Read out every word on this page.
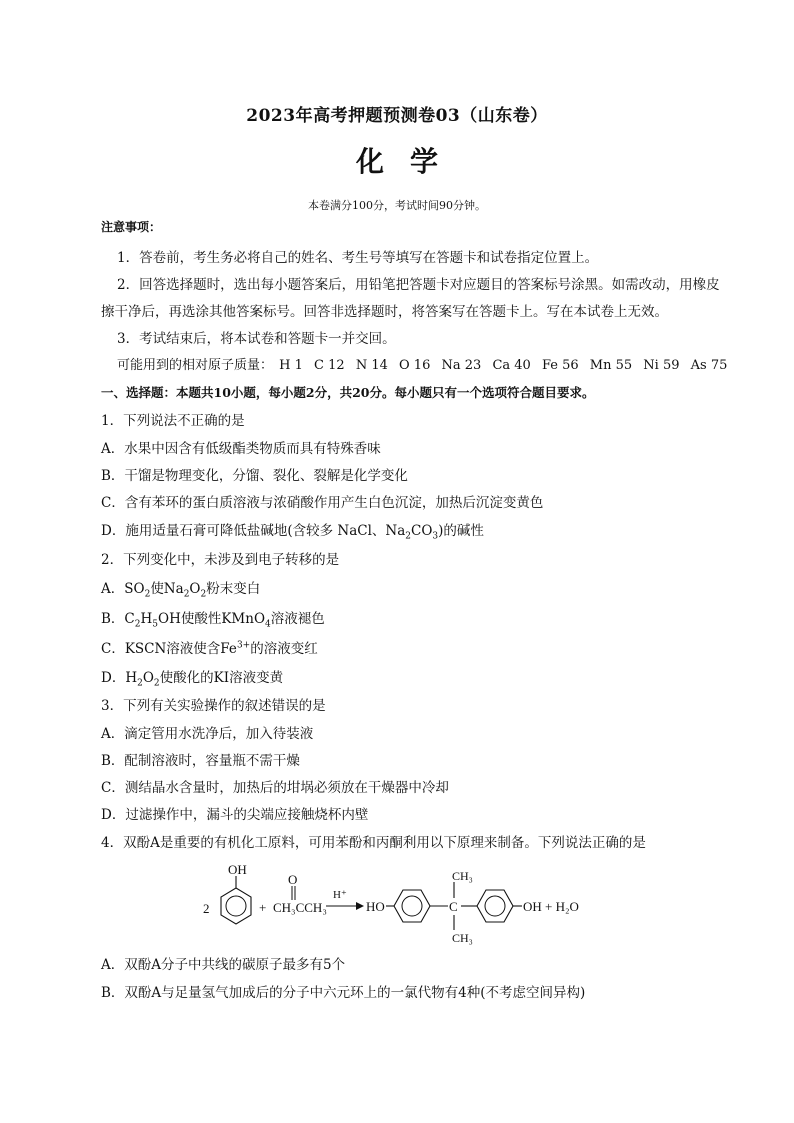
2023年高考押题预测卷03（山东卷）
化学
本卷满分100分，考试时间90分钟。
注意事项：
1．答卷前，考生务必将自己的姓名、考生号等填写在答题卡和试卷指定位置上。
2．回答选择题时，选出每小题答案后，用铅笔把答题卡对应题目的答案标号涂黑。如需改动，用橡皮
擦干净后，再选涂其他答案标号。回答非选择题时，将答案写在答题卡上。写在本试卷上无效。
3．考试结束后，将本试卷和答题卡一并交回。
可能用到的相对原子质量： H 1 C 12 N 14 O 16 Na 23 Ca 40 Fe 56 Mn 55 Ni 59 As 75
一、选择题：本题共10小题，每小题2分，共20分。每小题只有一个选项符合题目要求。
1．下列说法不正确的是
A．水果中因含有低级酯类物质而具有特殊香味
B．干馏是物理变化，分馏、裂化、裂解是化学变化
C．含有苯环的蛋白质溶液与浓硝酸作用产生白色沉淀，加热后沉淀变黄色
D．施用适量石膏可降低盐碱地(含较多 NaCl、$Na_2CO_3$)的碱性
2．下列变化中，未涉及到电子转移的是
A．$SO_2$使$Na_2O_2$粉末变白
B．$C_2H_5OH$使酸性KMnO$_4$溶液褪色
C．KSCN溶液使含$Fe^{3+}$的溶液变红
D．$H_2O_2$使酸化的KI溶液变黄
3．下列有关实验操作的叙述错误的是
A．滴定管用水洗净后，加入待装液
B．配制溶液时，容量瓶不需干燥
C．测结晶水含量时，加热后的坩埚必须放在干燥器中冷却
D．过滤操作中，漏斗的尖端应接触烧杯内壁
4．双酚A是重要的有机化工原料，可用苯酚和丙酮利用以下原理来制备。下列说法正确的是
2
OH
+ CH₃CCH₃
O
H⁺
HO	C
CH₃
CH₃
OH + H₂O
A．双酚A分子中共线的碳原子最多有5个
B．双酚A与足量氢气加成后的分子中六元环上的一氯代物有4种(不考虑空间异构)
